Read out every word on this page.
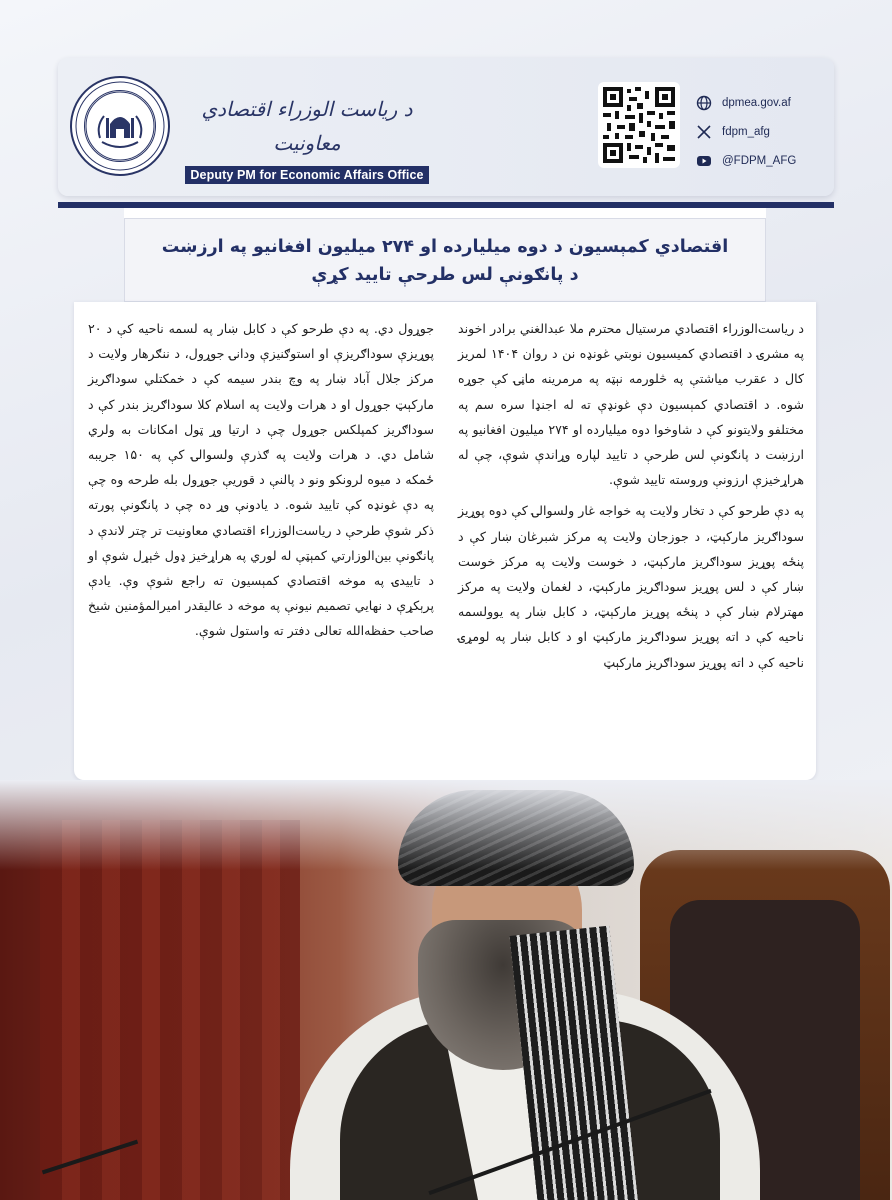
د ریاست الوزراء اقتصادي معاونیت
Deputy PM for Economic Affairs Office
dpmea.gov.af
fdpm_afg
@FDPM_AFG
اقتصادي کمېسیون د دوه میلیارده او ۲۷۴ میلیون افغانیو په ارزښت
د پانګونې لس طرحې تایید کړې

د ریاست‌الوزراء اقتصادي مرستیال محترم ملا عبدالغني برادر اخوند په مشرۍ د اقتصادي کمیسیون نوبتي غونډه نن د روان ۱۴۰۴ لمریز کال د عقرب میاشتې په څلورمه نېټه په مرمرینه ماڼۍ کې جوړه شوه. د اقتصادي کمېسیون دې غونډې ته له اجنډا سره سم په مختلفو ولایتونو کې د شاوخوا دوه میلیارده او ۲۷۴ میلیون افغانیو په ارزښت د پانګونې لس طرحې د تایید لپاره وړاندې شوې، چې له هراړخیزې ارزونې وروسته تایید شوې.

په دې طرحو کې د تخار ولایت په خواجه غار ولسوالۍ کې دوه پوړیز سوداګریز مارکېټ، د جوزجان ولایت په مرکز شبرغان ښار کې د پنځه پوړیز سوداګریز مارکېټ، د خوست ولایت په مرکز خوست ښار کې د لس پوړیز سوداګریز مارکېټ، د لغمان ولایت په مرکز مهترلام ښار کې د پنځه پوړیز مارکېټ، د کابل ښار په یوولسمه ناحیه کې د اته پوړیز سوداګریز مارکېټ او د کابل ښار په لومړۍ ناحیه کې د اته پوړیز سوداګریز مارکېټ

جوړول دي. په دې طرحو کې د کابل ښار په لسمه ناحیه کې د ۲۰ پوړیزې سوداګریزې او استوګنیزې ودانۍ جوړول، د ننګرهار ولایت د مرکز جلال آباد ښار په وچ بندر سیمه کې د خمکتلي سوداګریز مارکېټ جوړول او د هرات ولایت په اسلام کلا سوداګریز بندر کې د سوداګریز کمپلکس جوړول چې د ارتیا وړ ټول امکانات به ولري شامل دي. د هرات ولایت په ګذرې ولسوالۍ کې په ۱۵۰ جریبه ځمکه د میوه لرونکو ونو د پالنې د قوریې جوړول بله طرحه وه چې په دې غونډه کې تایید شوه. د یادونې وړ ده چې د پانګونې پورته ذکر شوې طرحې د ریاست‌الوزراء اقتصادي معاونیت تر چتر لاندې د پانګونې بین‌الوزارتي کمېټې له لوري په هراړخیز ډول څېړل شوې او د تاییدۍ په موخه اقتصادي کمېسیون ته راجع شوې وې. یادې پرېکړې د نهایي تصمیم نیونې په موخه د عالیقدر امیرالمؤمنین شیخ صاحب حفظه‌الله تعالی دفتر ته واستول شوې.
